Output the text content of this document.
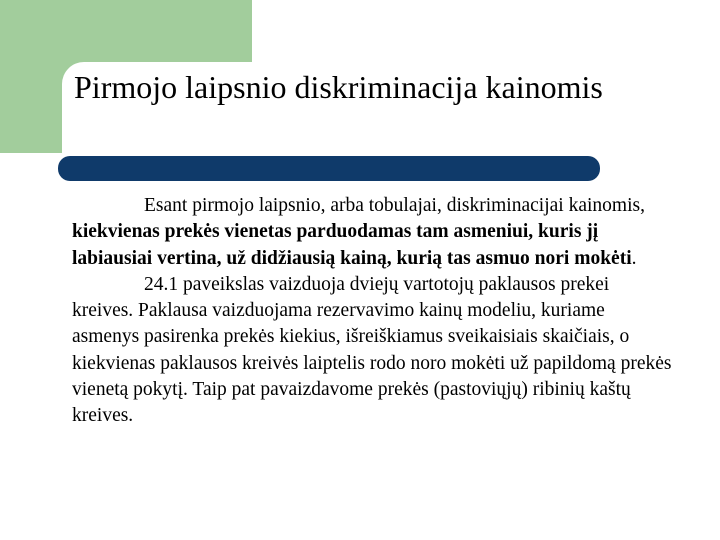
Pirmojo laipsnio diskriminacija kainomis

Esant pirmojo laipsnio, arba tobulajai, diskriminacijai kainomis, kiekvienas prekės vienetas parduodamas tam asmeniui, kuris jį labiausiai vertina, už didžiausią kainą, kurią tas asmuo nori mokėti.

24.1 paveikslas vaizduoja dviejų vartotojų paklausos prekei kreives. Paklausa vaizduojama rezervavimo kainų modeliu, kuriame asmenys pasirenka prekės kiekius, išreiškiamus sveikaisiais skaičiais, o kiekvienas paklausos kreivės laiptelis rodo noro mokėti už papildomą prekės vienetą pokytį. Taip pat pavaizdavome prekės (pastoviųjų) ribinių kaštų kreives.
